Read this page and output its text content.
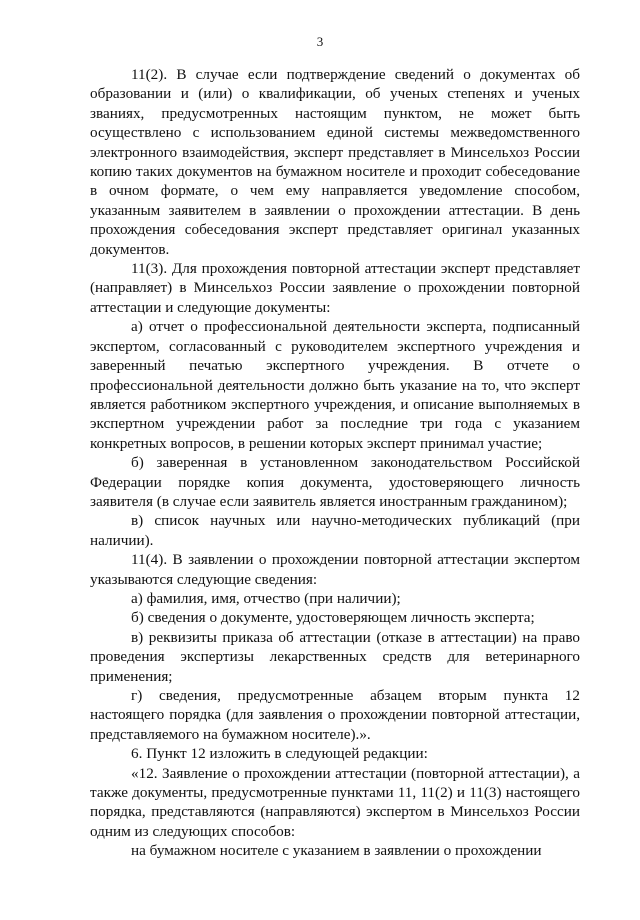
3

11(2). В случае если подтверждение сведений о документах об образовании и (или) о квалификации, об ученых степенях и ученых званиях, предусмотренных настоящим пунктом, не может быть осуществлено с использованием единой системы межведомственного электронного взаимодействия, эксперт представляет в Минсельхоз России копию таких документов на бумажном носителе и проходит собеседование в очном формате, о чем ему направляется уведомление способом, указанным заявителем в заявлении о прохождении аттестации. В день прохождения собеседования эксперт представляет оригинал указанных документов.

11(3). Для прохождения повторной аттестации эксперт представляет (направляет) в Минсельхоз России заявление о прохождении повторной аттестации и следующие документы:

а) отчет о профессиональной деятельности эксперта, подписанный экспертом, согласованный с руководителем экспертного учреждения и заверенный печатью экспертного учреждения. В отчете о профессиональной деятельности должно быть указание на то, что эксперт является работником экспертного учреждения, и описание выполняемых в экспертном учреждении работ за последние три года с указанием конкретных вопросов, в решении которых эксперт принимал участие;

б) заверенная в установленном законодательством Российской Федерации порядке копия документа, удостоверяющего личность заявителя (в случае если заявитель является иностранным гражданином);

в) список научных или научно-методических публикаций (при наличии).

11(4). В заявлении о прохождении повторной аттестации экспертом указываются следующие сведения:

а) фамилия, имя, отчество (при наличии);

б) сведения о документе, удостоверяющем личность эксперта;

в) реквизиты приказа об аттестации (отказе в аттестации) на право проведения экспертизы лекарственных средств для ветеринарного применения;

г) сведения, предусмотренные абзацем вторым пункта 12 настоящего порядка (для заявления о прохождении повторной аттестации, представляемого на бумажном носителе).».

6. Пункт 12 изложить в следующей редакции:

«12. Заявление о прохождении аттестации (повторной аттестации), а также документы, предусмотренные пунктами 11, 11(2) и 11(3) настоящего порядка, представляются (направляются) экспертом в Минсельхоз России одним из следующих способов:

на бумажном носителе с указанием в заявлении о прохождении
